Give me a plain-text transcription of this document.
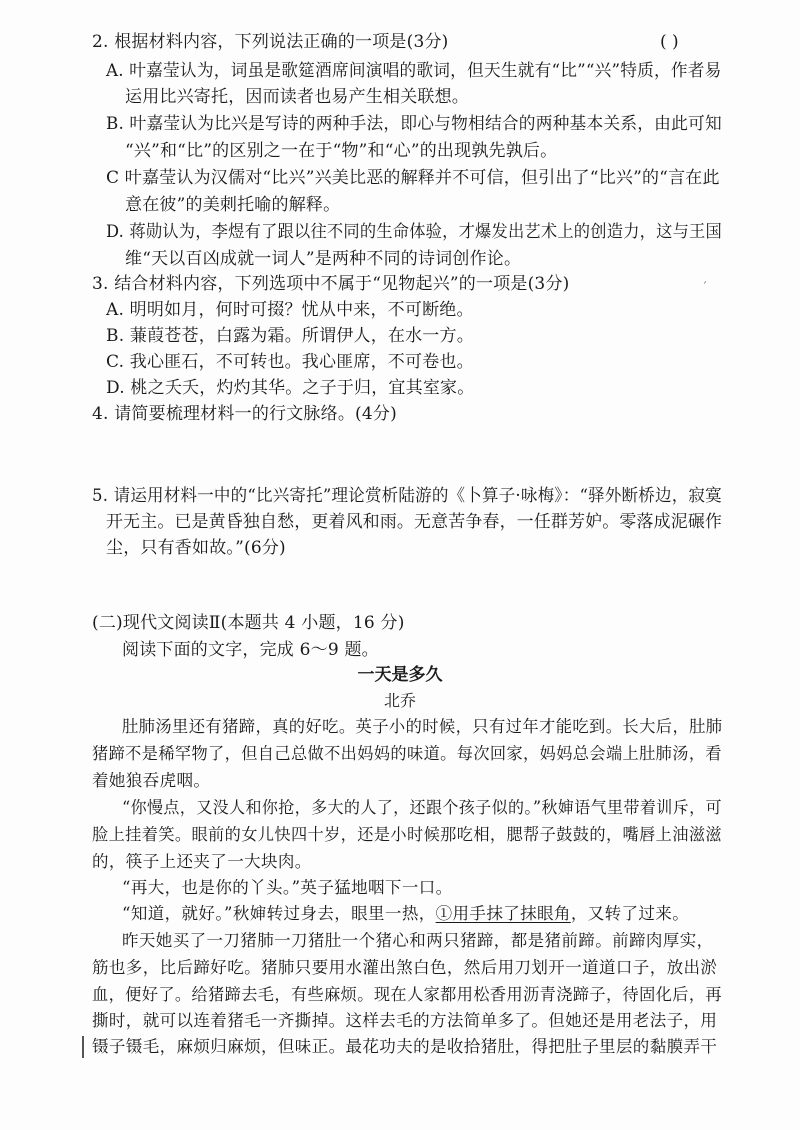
2. 根据材料内容，下列说法正确的一项是(3分)	( )
A. 叶嘉莹认为，词虽是歌筵酒席间演唱的歌词，但天生就有“比”“兴”特质，作者易
运用比兴寄托，因而读者也易产生相关联想。
B. 叶嘉莹认为比兴是写诗的两种手法，即心与物相结合的两种基本关系，由此可知
“兴”和“比”的区别之一在于“物”和“心”的出现孰先孰后。
C 叶嘉莹认为汉儒对“比兴”兴美比恶的解释并不可信，但引出了“比兴”的“言在此
意在彼”的美刺托喻的解释。
D. 蒋勋认为，李煜有了跟以往不同的生命体验，才爆发出艺术上的创造力，这与王国
维“天以百凶成就一词人”是两种不同的诗词创作论。
3. 结合材料内容，下列选项中不属于“见物起兴”的一项是(3分)	ˊ
A. 明明如月，何时可掇？忧从中来，不可断绝。
B. 蒹葭苍苍，白露为霜。所谓伊人，在水一方。
C. 我心匪石，不可转也。我心匪席，不可卷也。
D. 桃之夭夭，灼灼其华。之子于归，宜其室家。
4. 请简要梳理材料一的行文脉络。(4分)
5. 请运用材料一中的“比兴寄托”理论赏析陆游的《卜算子·咏梅》：“驿外断桥边，寂寞
开无主。已是黄昏独自愁，更着风和雨。无意苦争春，一任群芳妒。零落成泥碾作
尘，只有香如故。”(6分)
(二)现代文阅读Ⅱ(本题共 4 小题，16 分)
阅读下面的文字，完成 6～9 题。
一天是多久
北乔
肚肺汤里还有猪蹄，真的好吃。英子小的时候，只有过年才能吃到。长大后，肚肺
猪蹄不是稀罕物了，但自己总做不出妈妈的味道。每次回家，妈妈总会端上肚肺汤，看
着她狼吞虎咽。
“你慢点，又没人和你抢，多大的人了，还跟个孩子似的。”秋婶语气里带着训斥，可
脸上挂着笑。眼前的女儿快四十岁，还是小时候那吃相，腮帮子鼓鼓的，嘴唇上油滋滋
的，筷子上还夹了一大块肉。
“再大，也是你的丫头。”英子猛地咽下一口。
“知道，就好。”秋婶转过身去，眼里一热，①用手抹了抹眼角，又转了过来。
昨天她买了一刀猪肺一刀猪肚一个猪心和两只猪蹄，都是猪前蹄。前蹄肉厚实，
筋也多，比后蹄好吃。猪肺只要用水灌出煞白色，然后用刀划开一道道口子，放出淤
血，便好了。给猪蹄去毛，有些麻烦。现在人家都用松香用沥青浇蹄子，待固化后，再
撕时，就可以连着猪毛一齐撕掉。这样去毛的方法简单多了。但她还是用老法子，用
镊子镊毛，麻烦归麻烦，但味正。最花功夫的是收拾猪肚，得把肚子里层的黏膜弄干
